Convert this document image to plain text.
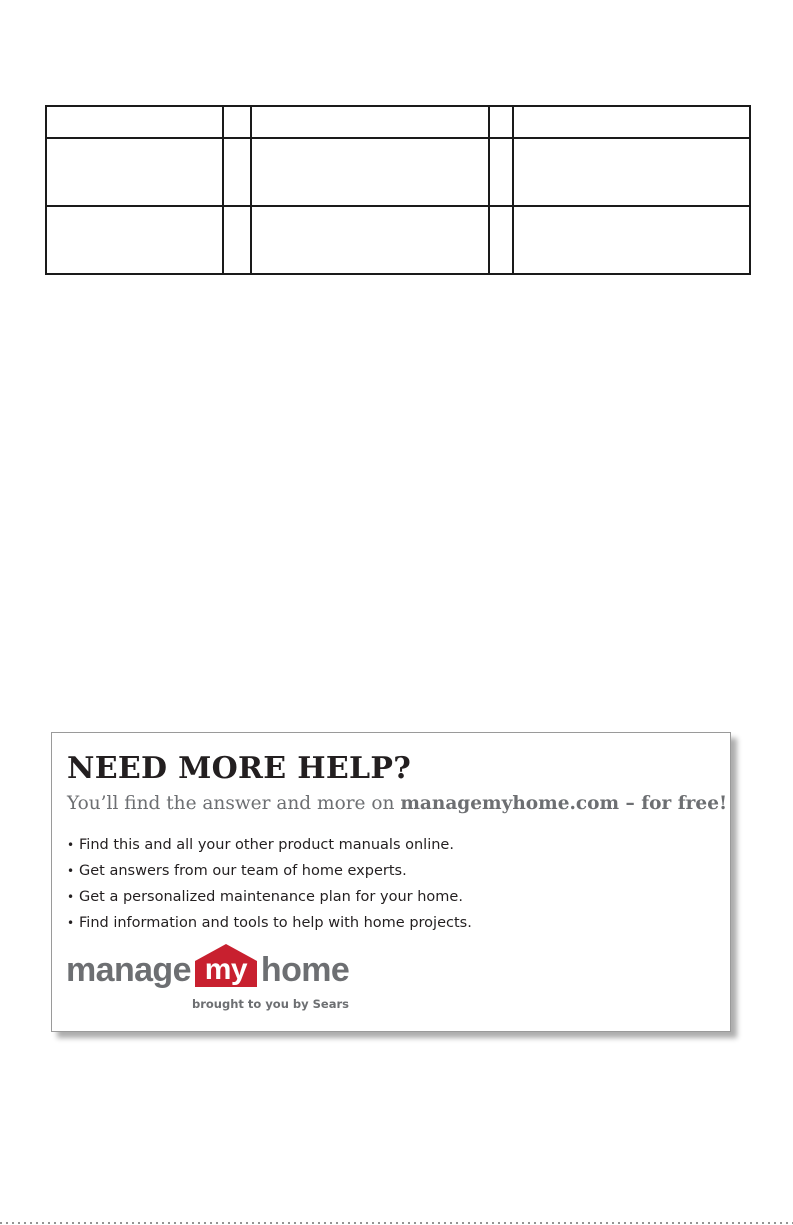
NEED MORE HELP?

You’ll find the answer and more on managemyhome.com – for free!

• Find this and all your other product manuals online.
• Get answers from our team of home experts.
• Get a personalized maintenance plan for your home.
• Find information and tools to help with home projects.
manage my home

brought to you by Sears
